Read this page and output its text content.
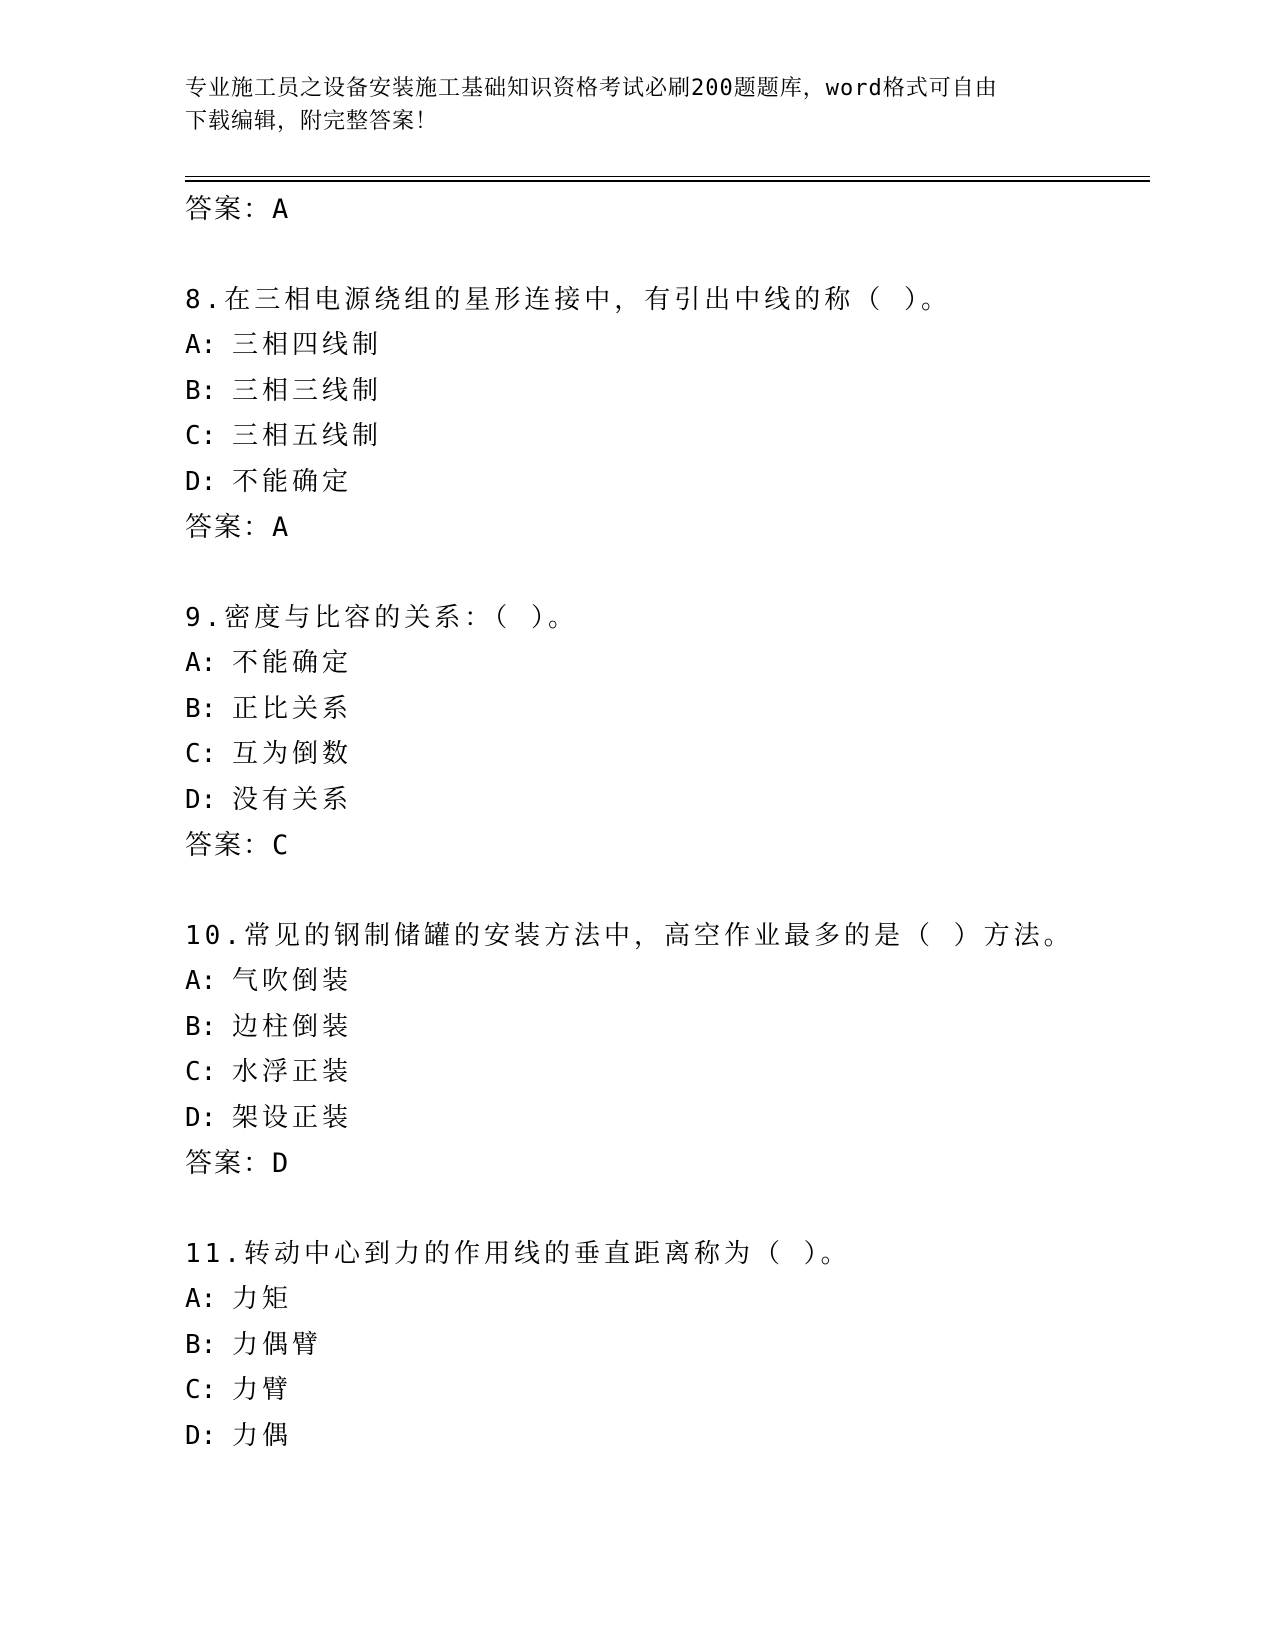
专业施工员之设备安装施工基础知识资格考试必刷200题题库，word格式可自由
下载编辑，附完整答案！
答案：A
8.在三相电源绕组的星形连接中，有引出中线的称（ ）。
A: 三相四线制
B: 三相三线制
C: 三相五线制
D: 不能确定
答案：A
9.密度与比容的关系：（ ）。
A: 不能确定
B: 正比关系
C: 互为倒数
D: 没有关系
答案：C
10.常见的钢制储罐的安装方法中，高空作业最多的是（ ）方法。
A: 气吹倒装
B: 边柱倒装
C: 水浮正装
D: 架设正装
答案：D
11.转动中心到力的作用线的垂直距离称为（ ）。
A: 力矩
B: 力偶臂
C: 力臂
D: 力偶
